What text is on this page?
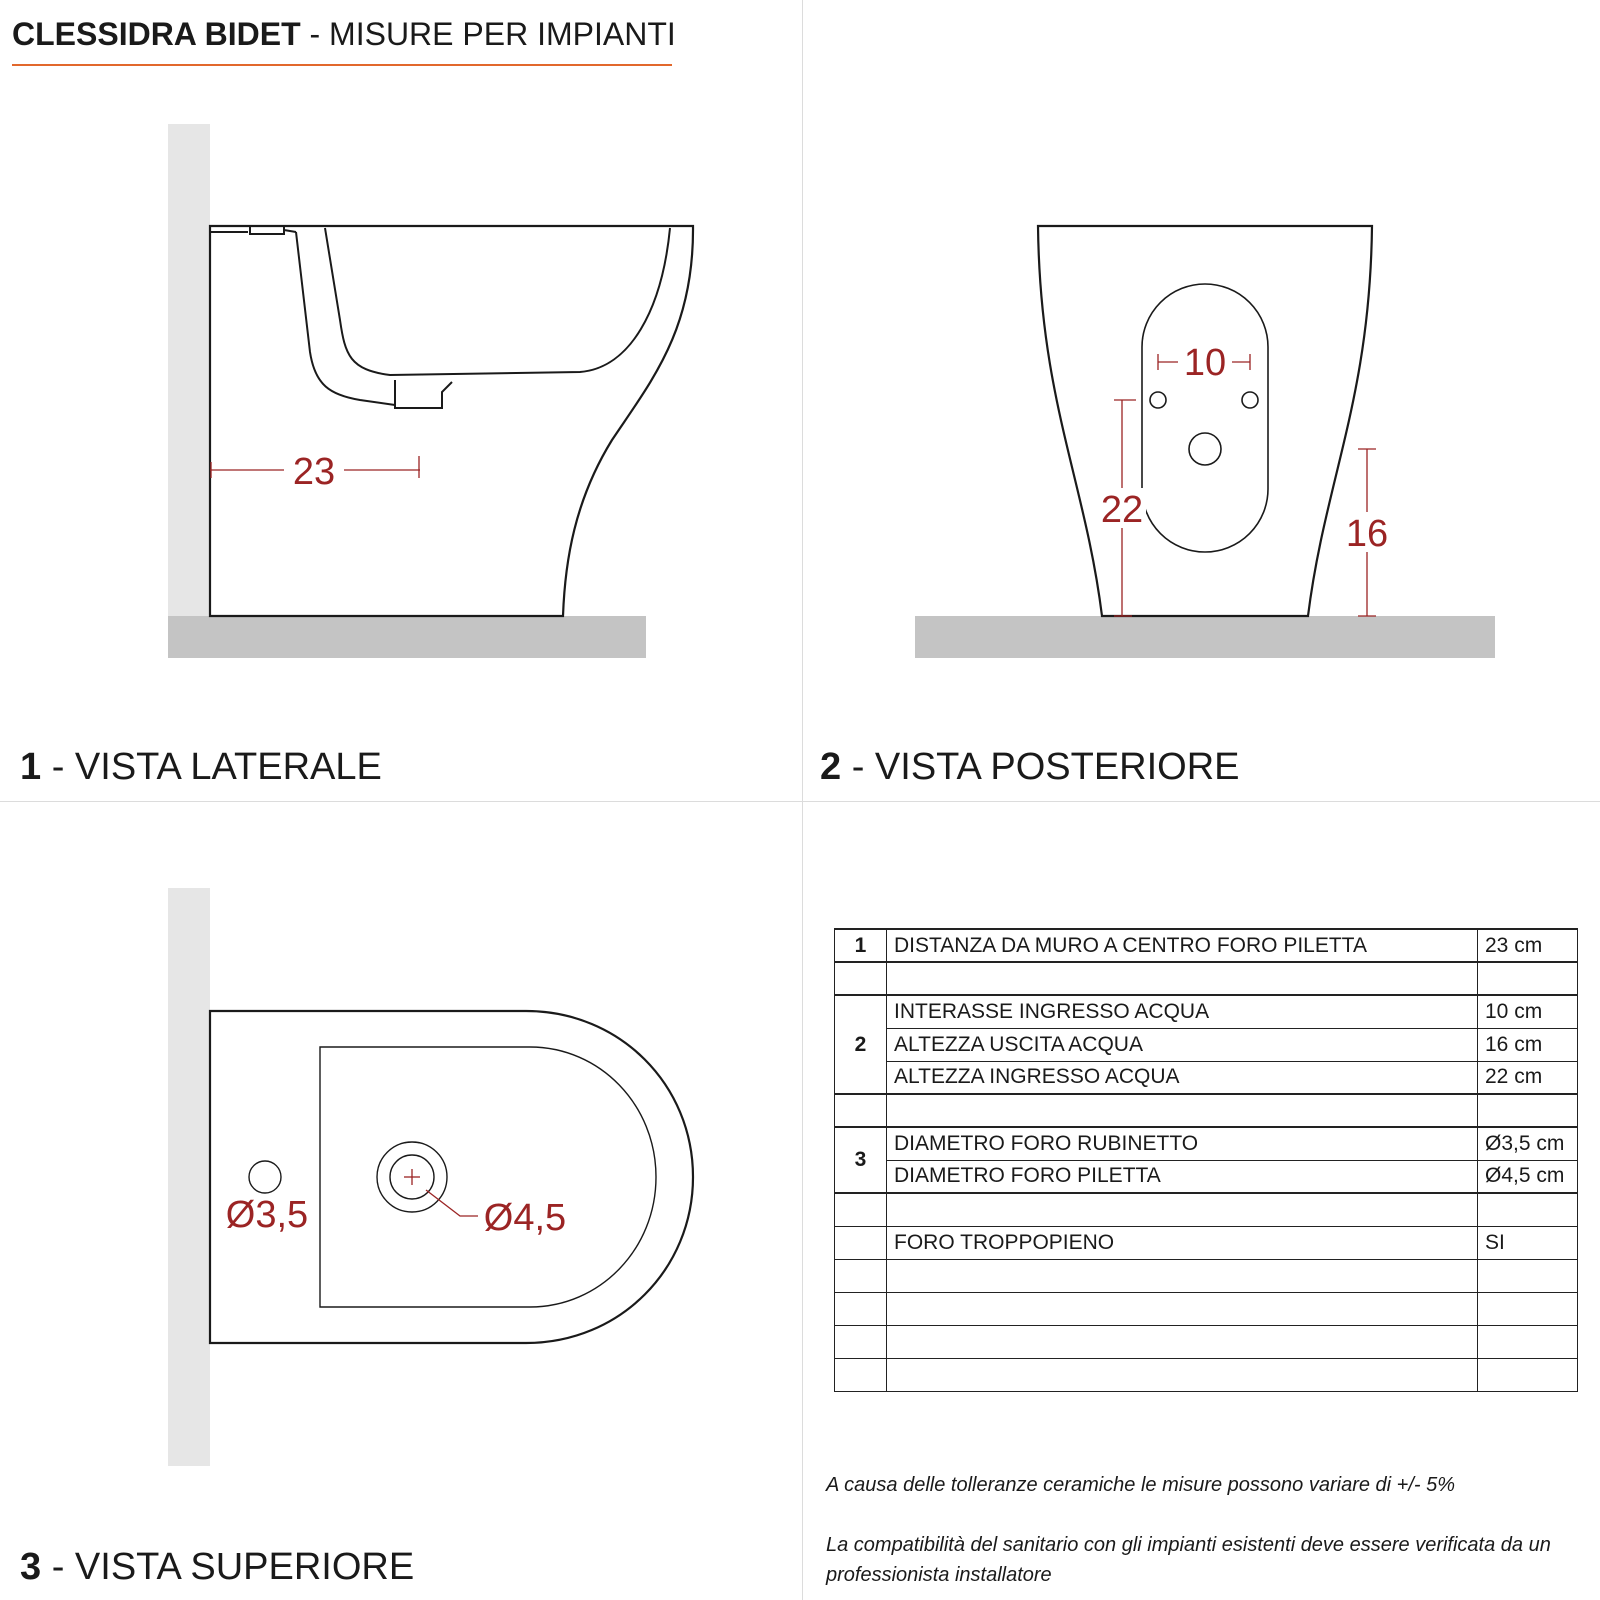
CLESSIDRA BIDET - MISURE PER IMPIANTI
23
10
22
16
Ø3,5	Ø4,5
1 - VISTA LATERALE	2 - VISTA POSTERIORE
3 - VISTA SUPERIORE
1	DISTANZA DA MURO A CENTRO FORO PILETTA	23 cm

2	INTERASSE INGRESSO ACQUA	10 cm
	ALTEZZA USCITA ACQUA	16 cm
	ALTEZZA INGRESSO ACQUA	22 cm

3	DIAMETRO FORO RUBINETTO	Ø3,5 cm
	DIAMETRO FORO PILETTA	Ø4,5 cm

	FORO TROPPOPIENO	SI

A causa delle tolleranze ceramiche le misure possono variare di +/- 5%
La compatibilità del sanitario con gli impianti esistenti deve essere verificata da un professionista installatore
